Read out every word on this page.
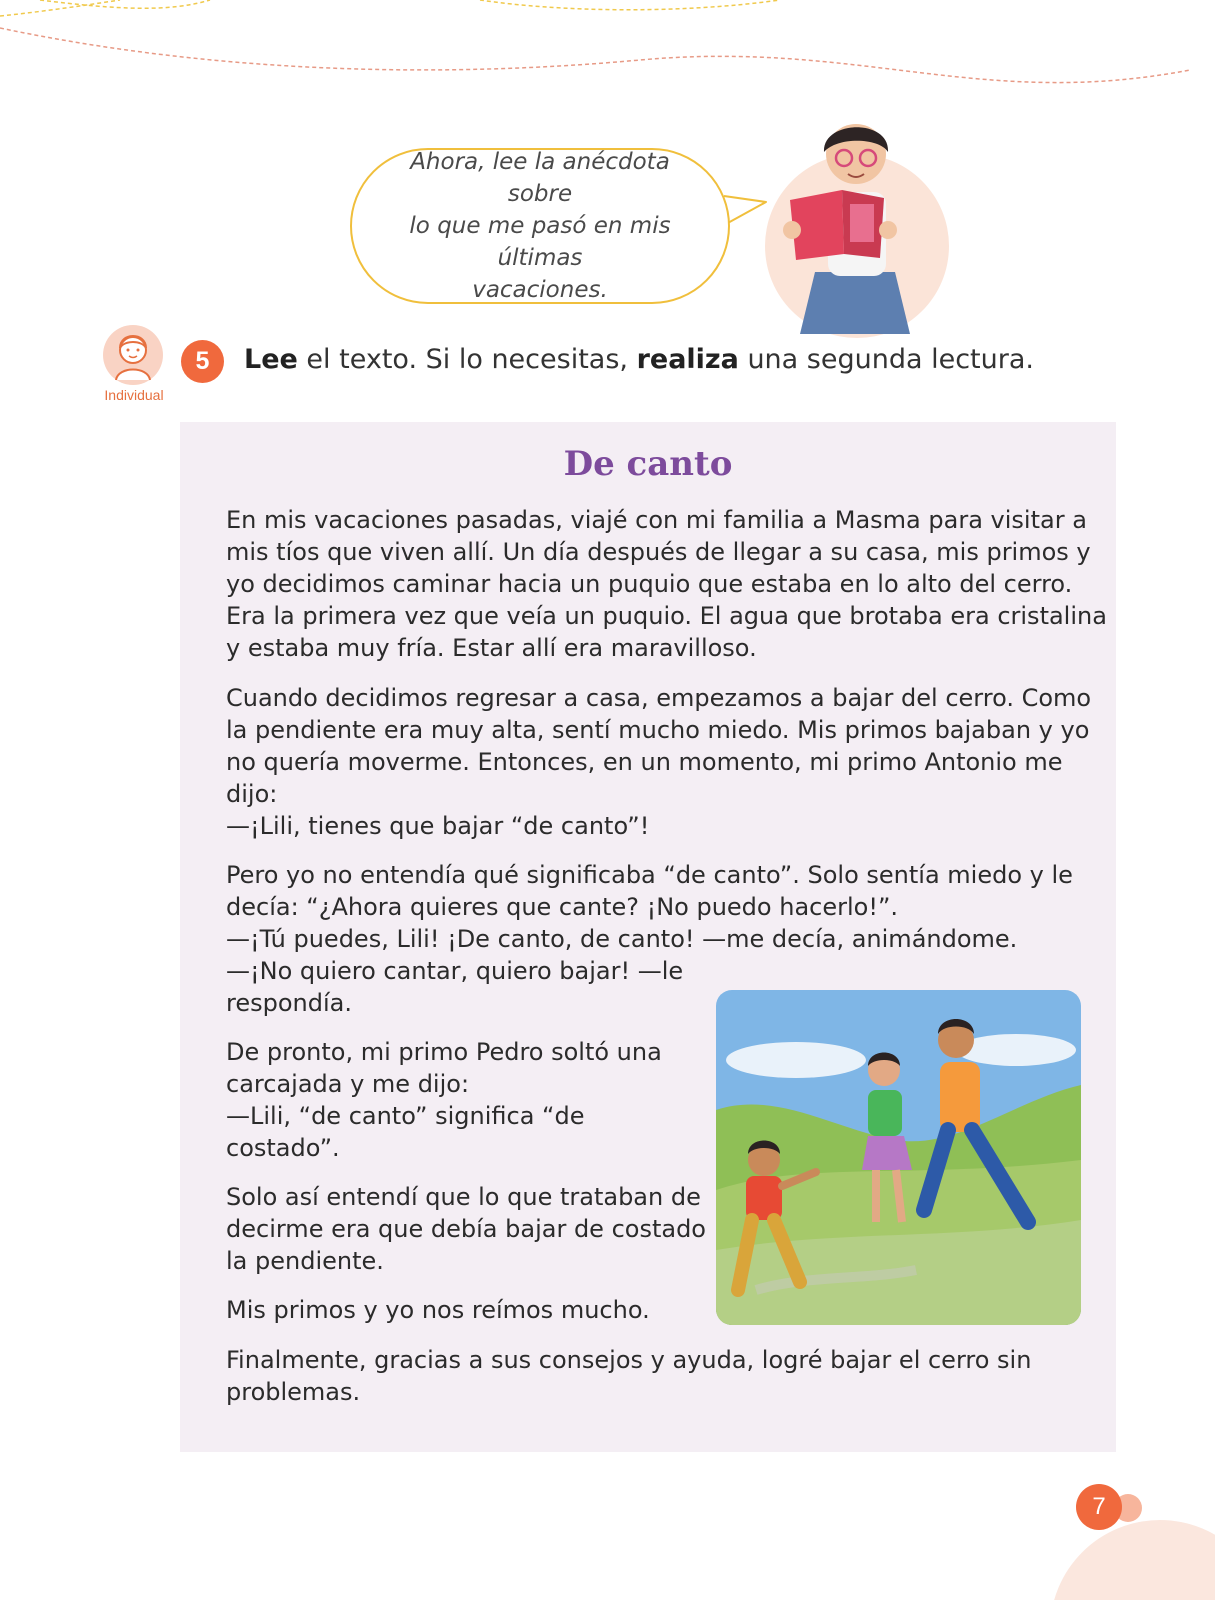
Ahora, lee la anécdota sobre
lo que me pasó en mis últimas
vacaciones.
Individual
5	Lee el texto. Si lo necesitas, realiza una segunda lectura.
De canto
En mis vacaciones pasadas, viajé con mi familia a Masma para visitar a
mis tíos que viven allí. Un día después de llegar a su casa, mis primos y
yo decidimos caminar hacia un puquio que estaba en lo alto del cerro.
Era la primera vez que veía un puquio. El agua que brotaba era cristalina
y estaba muy fría. Estar allí era maravilloso.
Cuando decidimos regresar a casa, empezamos a bajar del cerro. Como
la pendiente era muy alta, sentí mucho miedo. Mis primos bajaban y yo
no quería moverme. Entonces, en un momento, mi primo Antonio me
dijo:
—¡Lili, tienes que bajar “de canto”!
Pero yo no entendía qué significaba “de canto”. Solo sentía miedo y le
decía: “¿Ahora quieres que cante? ¡No puedo hacerlo!”.
—¡Tú puedes, Lili! ¡De canto, de canto! —me decía, animándome.
—¡No quiero cantar, quiero bajar! —le
respondía.
De pronto, mi primo Pedro soltó una
carcajada y me dijo:
—Lili, “de canto” significa “de
costado”.
Solo así entendí que lo que trataban de
decirme era que debía bajar de costado
la pendiente.
Mis primos y yo nos reímos mucho.
Finalmente, gracias a sus consejos y ayuda, logré bajar el cerro sin
problemas.
7
